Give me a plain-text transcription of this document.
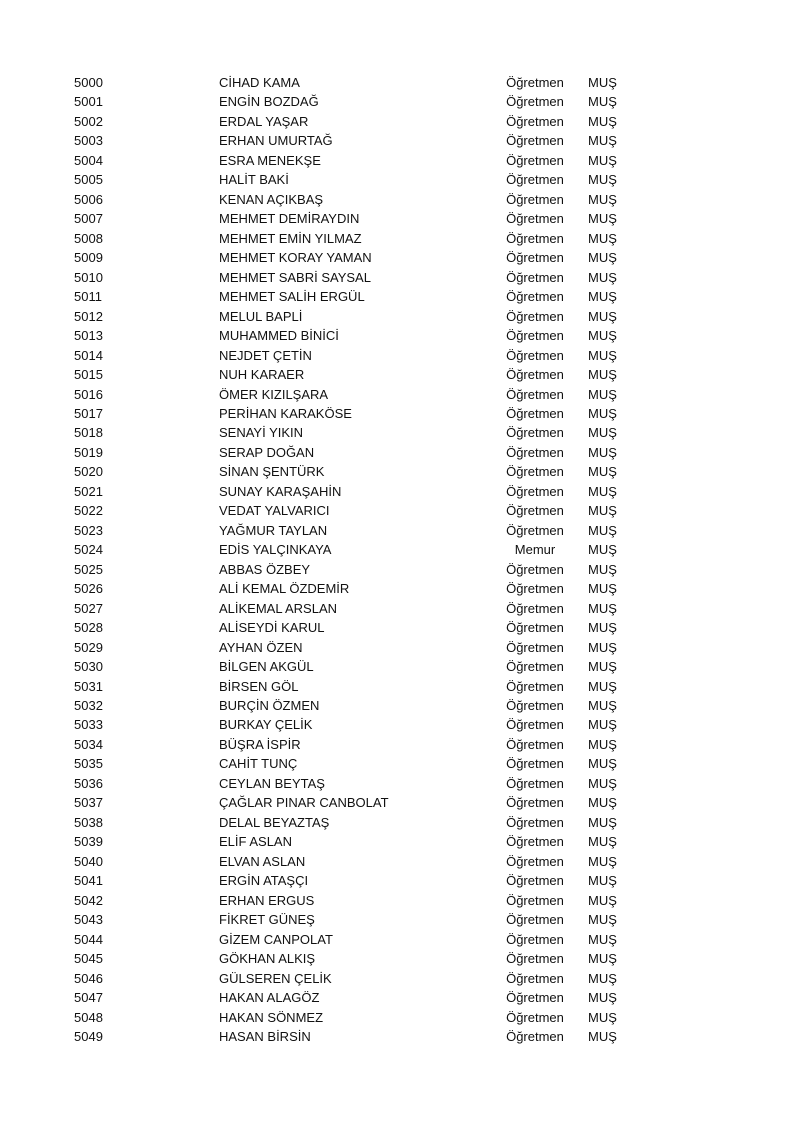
5000	CİHAD KAMA	Öğretmen MUŞ
5001	ENGİN BOZDAĞ	Öğretmen MUŞ
5002	ERDAL YAŞAR	Öğretmen MUŞ
5003	ERHAN UMURTAĞ	Öğretmen MUŞ
5004	ESRA MENEKŞE	Öğretmen MUŞ
5005	HALİT BAKİ	Öğretmen MUŞ
5006	KENAN AÇIKBAŞ	Öğretmen MUŞ
5007	MEHMET DEMİRAYDIN	Öğretmen MUŞ
5008	MEHMET EMİN YILMAZ	Öğretmen MUŞ
5009	MEHMET KORAY YAMAN	Öğretmen MUŞ
5010	MEHMET SABRİ SAYSAL	Öğretmen MUŞ
5011	MEHMET SALİH ERGÜL	Öğretmen MUŞ
5012	MELUL BAPLİ	Öğretmen MUŞ
5013	MUHAMMED BİNİCİ	Öğretmen MUŞ
5014	NEJDET ÇETİN	Öğretmen MUŞ
5015	NUH KARAER	Öğretmen MUŞ
5016	ÖMER KIZILŞARA	Öğretmen MUŞ
5017	PERİHAN KARAKÖSE	Öğretmen MUŞ
5018	SENAYİ YIKIN	Öğretmen MUŞ
5019	SERAP DOĞAN	Öğretmen MUŞ
5020	SİNAN ŞENTÜRK	Öğretmen MUŞ
5021	SUNAY KARAŞAHİN	Öğretmen MUŞ
5022	VEDAT YALVARICI	Öğretmen MUŞ
5023	YAĞMUR TAYLAN	Öğretmen MUŞ
5024	EDİS YALÇINKAYA	Memur	MUŞ
5025	ABBAS ÖZBEY	Öğretmen MUŞ
5026	ALİ KEMAL ÖZDEMİR	Öğretmen MUŞ
5027	ALİKEMAL ARSLAN	Öğretmen MUŞ
5028	ALİSEYDİ KARUL	Öğretmen MUŞ
5029	AYHAN ÖZEN	Öğretmen MUŞ
5030	BİLGEN AKGÜL	Öğretmen MUŞ
5031	BİRSEN GÖL	Öğretmen MUŞ
5032	BURÇİN ÖZMEN	Öğretmen MUŞ
5033	BURKAY ÇELİK	Öğretmen MUŞ
5034	BÜŞRA İSPİR	Öğretmen MUŞ
5035	CAHİT TUNÇ	Öğretmen MUŞ
5036	CEYLAN BEYTAŞ	Öğretmen MUŞ
5037	ÇAĞLAR PINAR CANBOLAT	Öğretmen MUŞ
5038	DELAL BEYAZTAŞ	Öğretmen MUŞ
5039	ELİF ASLAN	Öğretmen MUŞ
5040	ELVAN ASLAN	Öğretmen MUŞ
5041	ERGİN ATAŞÇI	Öğretmen MUŞ
5042	ERHAN ERGUS	Öğretmen MUŞ
5043	FİKRET GÜNEŞ	Öğretmen MUŞ
5044	GİZEM CANPOLAT	Öğretmen MUŞ
5045	GÖKHAN ALKIŞ	Öğretmen MUŞ
5046	GÜLSEREN ÇELİK	Öğretmen MUŞ
5047	HAKAN ALAGÖZ	Öğretmen MUŞ
5048	HAKAN SÖNMEZ	Öğretmen MUŞ
5049	HASAN BİRSİN	Öğretmen MUŞ
